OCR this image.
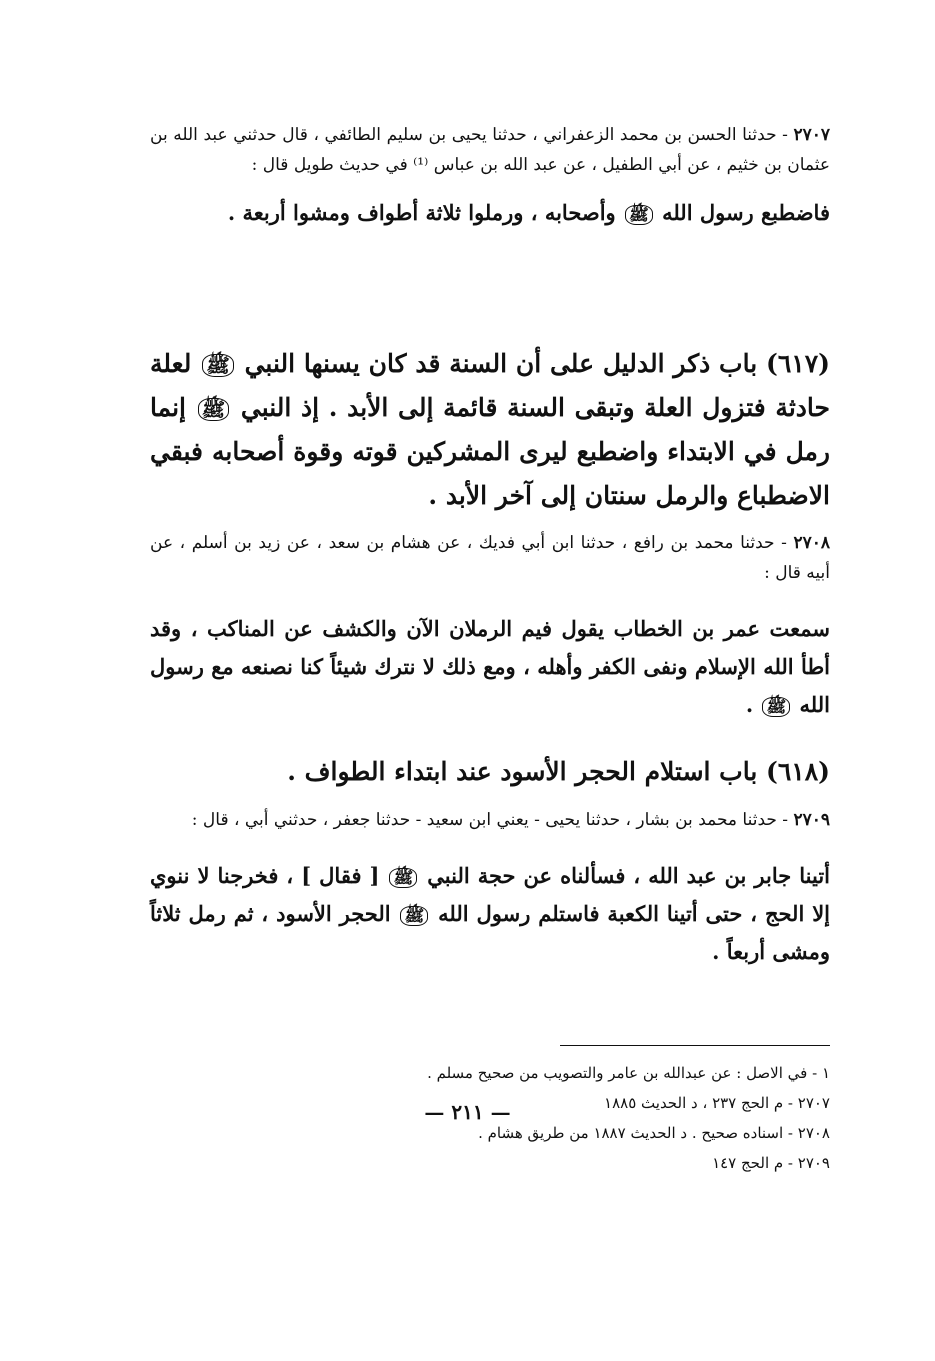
٢٧٠٧ - حدثنا الحسن بن محمد الزعفراني ، حدثنا يحيى بن سليم الطائفي ، قال حدثني عبد الله بن عثمان بن خثيم ، عن أبي الطفيل ، عن عبد الله بن عباس ⁽¹⁾ في حديث طويل قال :

فاضطبع رسول الله ﷺ وأصحابه ، ورملوا ثلاثة أطواف ومشوا أربعة .

(٦١٧) باب ذكر الدليل على أن السنة قد كان يسنها النبي ﷺ لعلة حادثة فتزول العلة وتبقى السنة قائمة إلى الأبد . إذ النبي ﷺ إنما رمل في الابتداء واضطبع ليرى المشركين قوته وقوة أصحابه فبقي الاضطباع والرمل سنتان إلى آخر الأبد .

٢٧٠٨ - حدثنا محمد بن رافع ، حدثنا ابن أبي فديك ، عن هشام بن سعد ، عن زيد بن أسلم ، عن أبيه قال :

سمعت عمر بن الخطاب يقول فيم الرملان الآن والكشف عن المناكب ، وقد أطأ الله الإسلام ونفى الكفر وأهله ، ومع ذلك لا نترك شيئاً كنا نصنعه مع رسول الله ﷺ .

(٦١٨) باب استلام الحجر الأسود عند ابتداء الطواف .

٢٧٠٩ - حدثنا محمد بن بشار ، حدثنا يحيى - يعني ابن سعيد - حدثنا جعفر ، حدثني أبي ، قال :

أتينا جابر بن عبد الله ، فسألناه عن حجة النبي ﷺ [ فقال ] ، فخرجنا لا ننوي إلا الحج ، حتى أتينا الكعبة فاستلم رسول الله ﷺ الحجر الأسود ، ثم رمل ثلاثاً ومشى أربعاً .

١ - في الاصل : عن عبدالله بن عامر والتصويب من صحيح مسلم .
٢٧٠٧ - م الحج ٢٣٧ ، د الحديث ١٨٨٥
٢٧٠٨ - اسناده صحيح . د الحديث ١٨٨٧ من طريق هشام .
٢٧٠٩ - م الحج ١٤٧
— ٢١١ —
